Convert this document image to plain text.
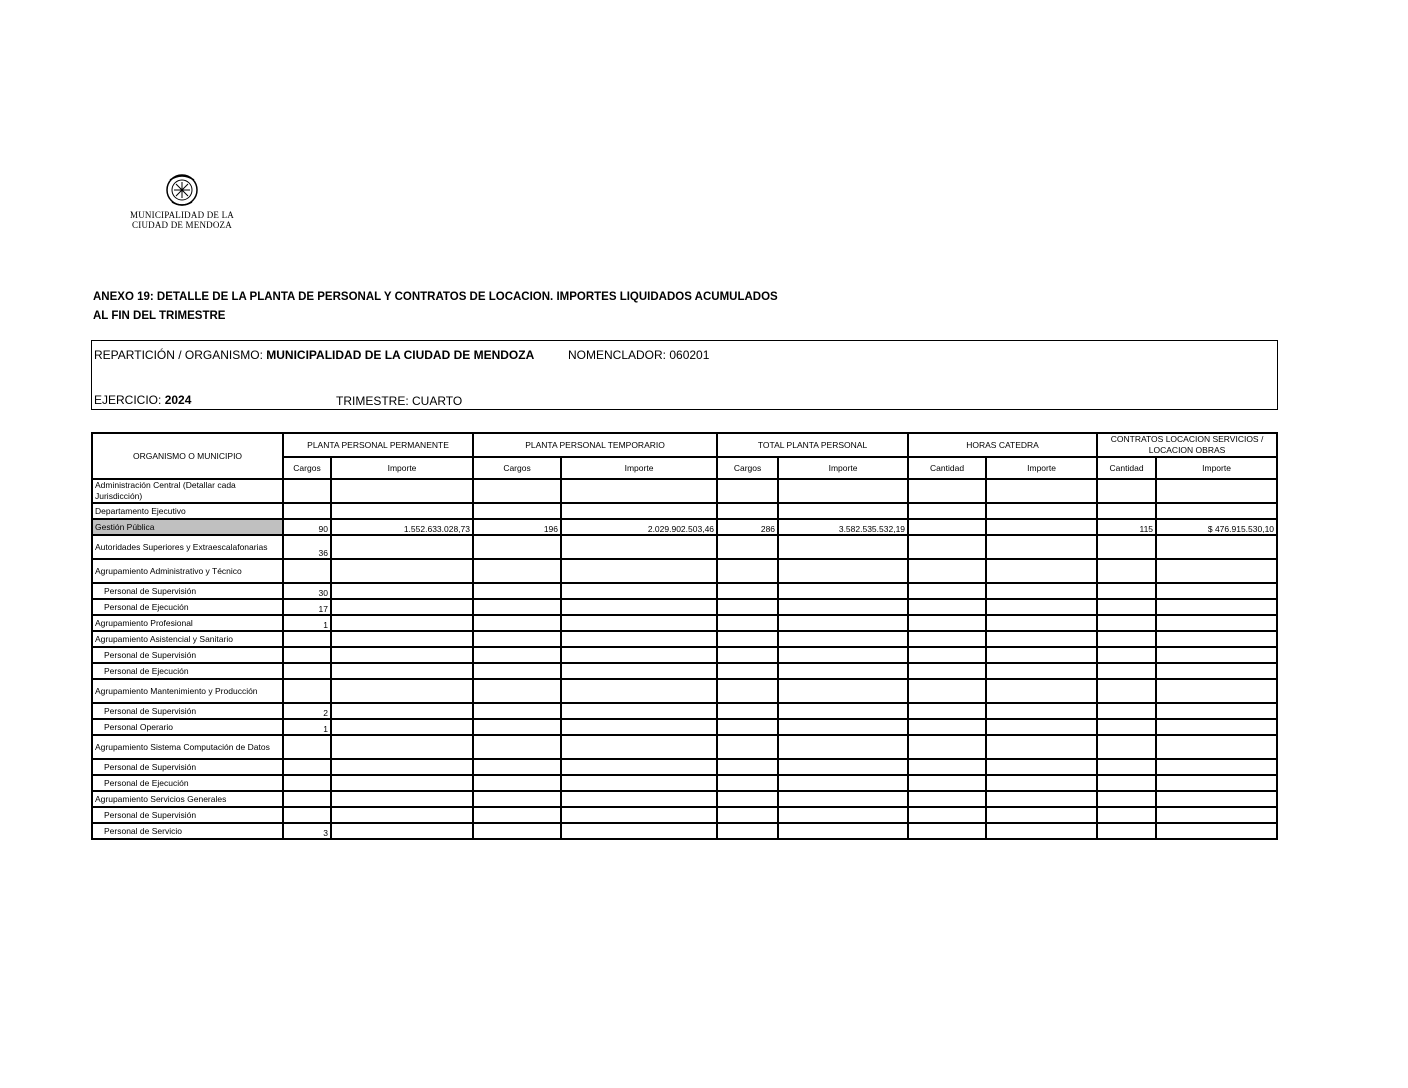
MUNICIPALIDAD DE LA
CIUDAD DE MENDOZA
ANEXO 19: DETALLE DE LA PLANTA DE PERSONAL Y CONTRATOS DE LOCACION. IMPORTES LIQUIDADOS ACUMULADOS
AL FIN DEL TRIMESTRE
REPARTICIÓN / ORGANISMO: MUNICIPALIDAD DE LA CIUDAD DE MENDOZA	NOMENCLADOR: 060201
EJERCICIO: 2024	TRIMESTRE: CUARTO
ORGANISMO O MUNICIPIO	PLANTA PERSONAL PERMANENTE		PLANTA PERSONAL TEMPORARIO		TOTAL PLANTA PERSONAL		HORAS CATEDRA		CONTRATOS LOCACION SERVICIOS / LOCACION OBRAS	
	Cargos	Importe	Cargos	Importe	Cargos	Importe	Cantidad	Importe	Cantidad	Importe
Administración Central (Detallar cada Jurisdicción)										
Departamento Ejecutivo										
Gestión Pública	90	1.552.633.028,73	196	2.029.902.503,46	286	3.582.535.532,19			115	$ 476.915.530,10
Autoridades Superiores y Extraescalafonarias	36									
Agrupamiento Administrativo y Técnico										
Personal de Supervisión	30									
Personal de Ejecución	17									
Agrupamiento Profesional	1									
Agrupamiento Asistencial y Sanitario										
Personal de Supervisión										
Personal de Ejecución										
Agrupamiento Mantenimiento y Producción										
Personal de Supervisión	2									
Personal Operario	1									
Agrupamiento Sistema Computación de Datos										
Personal de Supervisión										
Personal de Ejecución										
Agrupamiento Servicios Generales										
Personal de Supervisión										
Personal de Servicio	3									
